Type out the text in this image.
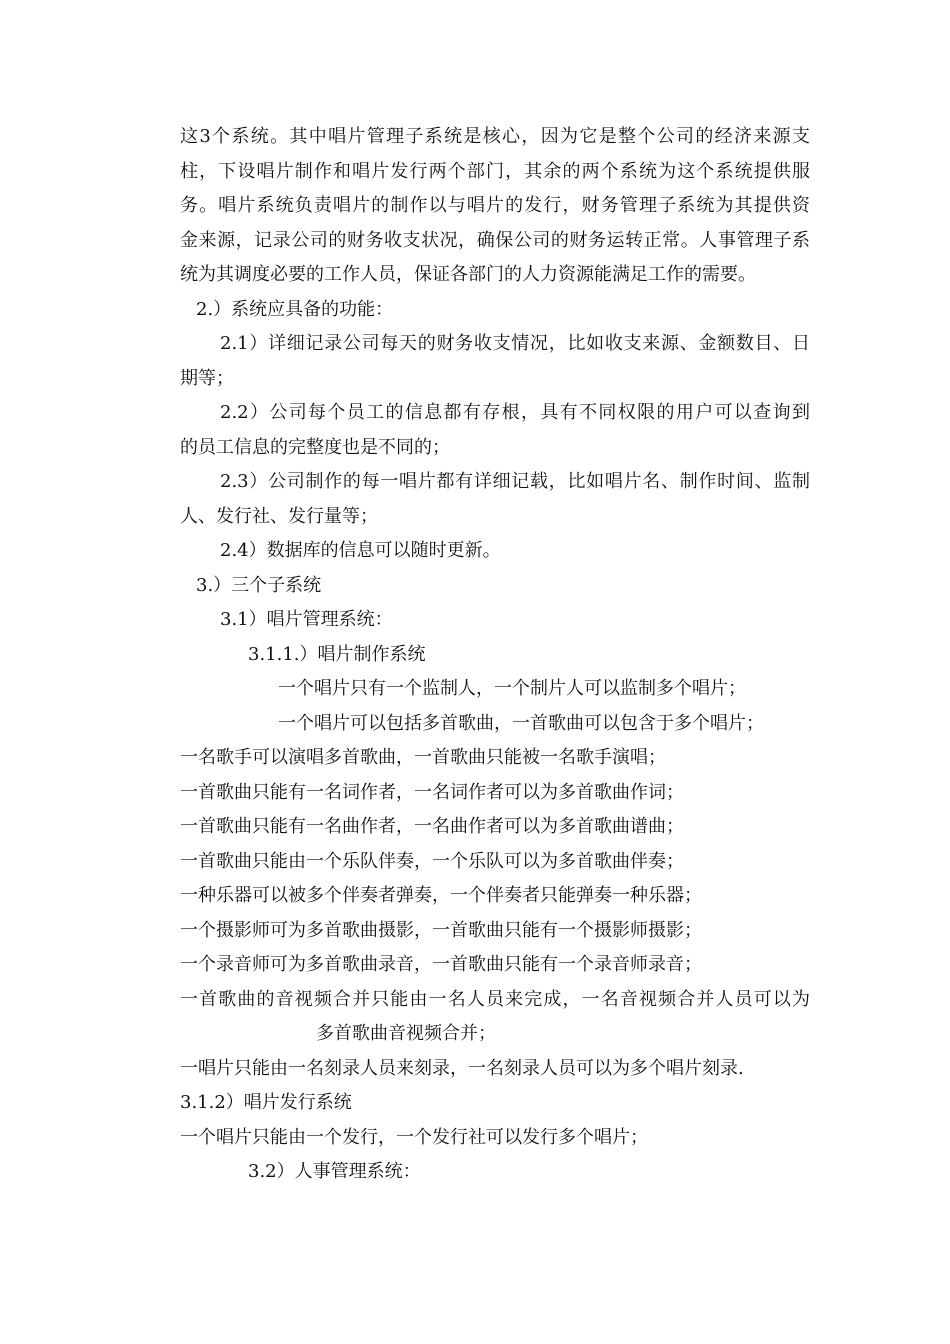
这3个系统。其中唱片管理子系统是核心，因为它是整个公司的经济来源支
柱，下设唱片制作和唱片发行两个部门，其余的两个系统为这个系统提供服
务。唱片系统负责唱片的制作以与唱片的发行，财务管理子系统为其提供资
金来源，记录公司的财务收支状况，确保公司的财务运转正常。人事管理子系
统为其调度必要的工作人员，保证各部门的人力资源能满足工作的需要。
2.）系统应具备的功能：
2.1）详细记录公司每天的财务收支情况，比如收支来源、金额数目、日
期等；
2.2）公司每个员工的信息都有存根，具有不同权限的用户可以查询到
的员工信息的完整度也是不同的；
2.3）公司制作的每一唱片都有详细记载，比如唱片名、制作时间、监制
人、发行社、发行量等；
2.4）数据库的信息可以随时更新。
3.）三个子系统
3.1）唱片管理系统：
3.1.1.）唱片制作系统
一个唱片只有一个监制人，一个制片人可以监制多个唱片；
一个唱片可以包括多首歌曲，一首歌曲可以包含于多个唱片；
一名歌手可以演唱多首歌曲，一首歌曲只能被一名歌手演唱；
一首歌曲只能有一名词作者，一名词作者可以为多首歌曲作词；
一首歌曲只能有一名曲作者，一名曲作者可以为多首歌曲谱曲；
一首歌曲只能由一个乐队伴奏，一个乐队可以为多首歌曲伴奏；
一种乐器可以被多个伴奏者弹奏，一个伴奏者只能弹奏一种乐器；
一个摄影师可为多首歌曲摄影，一首歌曲只能有一个摄影师摄影；
一个录音师可为多首歌曲录音，一首歌曲只能有一个录音师录音；
一首歌曲的音视频合并只能由一名人员来完成，一名音视频合并人员可以为
多首歌曲音视频合并；
一唱片只能由一名刻录人员来刻录，一名刻录人员可以为多个唱片刻录.
3.1.2）唱片发行系统
一个唱片只能由一个发行，一个发行社可以发行多个唱片；
3.2）人事管理系统：
